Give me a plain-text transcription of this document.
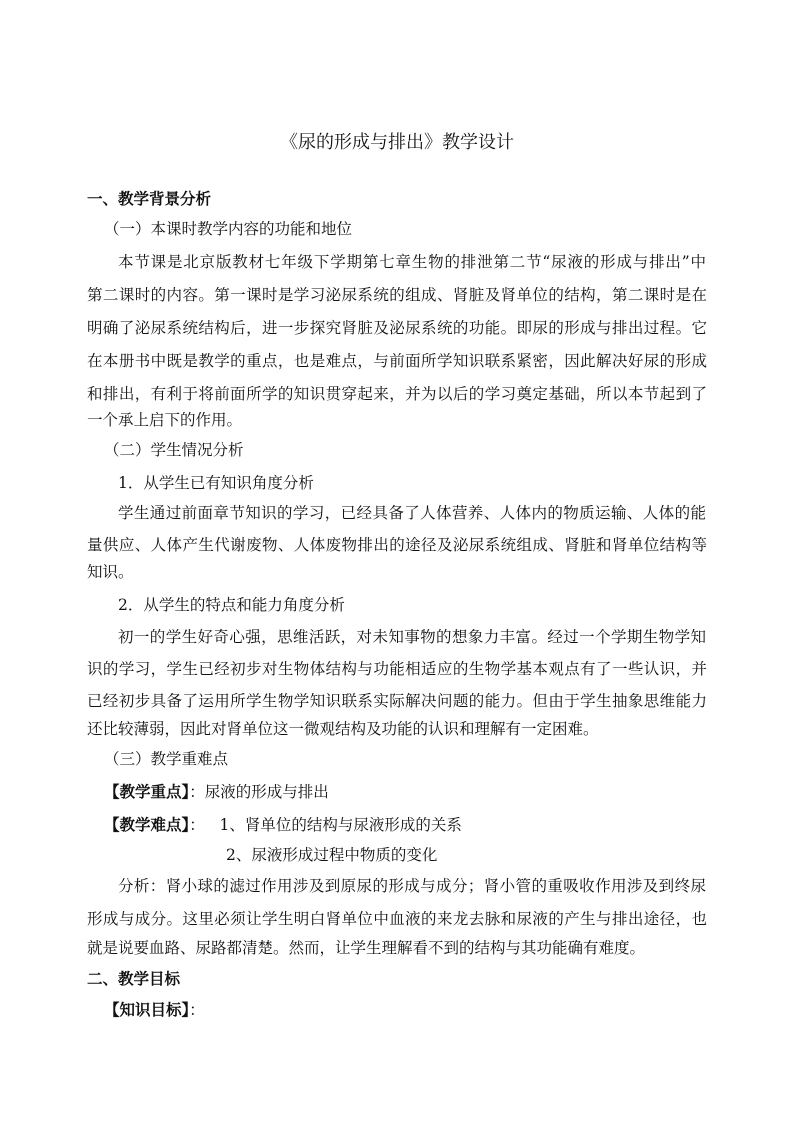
《尿的形成与排出》教学设计
一、教学背景分析
（一）本课时教学内容的功能和地位
本节课是北京版教材七年级下学期第七章生物的排泄第二节“尿液的形成与排出”中
第二课时的内容。第一课时是学习泌尿系统的组成、肾脏及肾单位的结构，第二课时是在
明确了泌尿系统结构后，进一步探究肾脏及泌尿系统的功能。即尿的形成与排出过程。它
在本册书中既是教学的重点，也是难点，与前面所学知识联系紧密，因此解决好尿的形成
和排出，有利于将前面所学的知识贯穿起来，并为以后的学习奠定基础，所以本节起到了
一个承上启下的作用。
（二）学生情况分析
1．从学生已有知识角度分析
学生通过前面章节知识的学习，已经具备了人体营养、人体内的物质运输、人体的能
量供应、人体产生代谢废物、人体废物排出的途径及泌尿系统组成、肾脏和肾单位结构等
知识。
2．从学生的特点和能力角度分析
初一的学生好奇心强，思维活跃，对未知事物的想象力丰富。经过一个学期生物学知
识的学习，学生已经初步对生物体结构与功能相适应的生物学基本观点有了一些认识，并
已经初步具备了运用所学生物学知识联系实际解决问题的能力。但由于学生抽象思维能力
还比较薄弱，因此对肾单位这一微观结构及功能的认识和理解有一定困难。
（三）教学重难点
【教学重点】：尿液的形成与排出
【教学难点】：   1、肾单位的结构与尿液形成的关系
2、尿液形成过程中物质的变化
分析：肾小球的滤过作用涉及到原尿的形成与成分；肾小管的重吸收作用涉及到终尿
形成与成分。这里必须让学生明白肾单位中血液的来龙去脉和尿液的产生与排出途径，也
就是说要血路、尿路都清楚。然而，让学生理解看不到的结构与其功能确有难度。
二、教学目标
【知识目标】：
